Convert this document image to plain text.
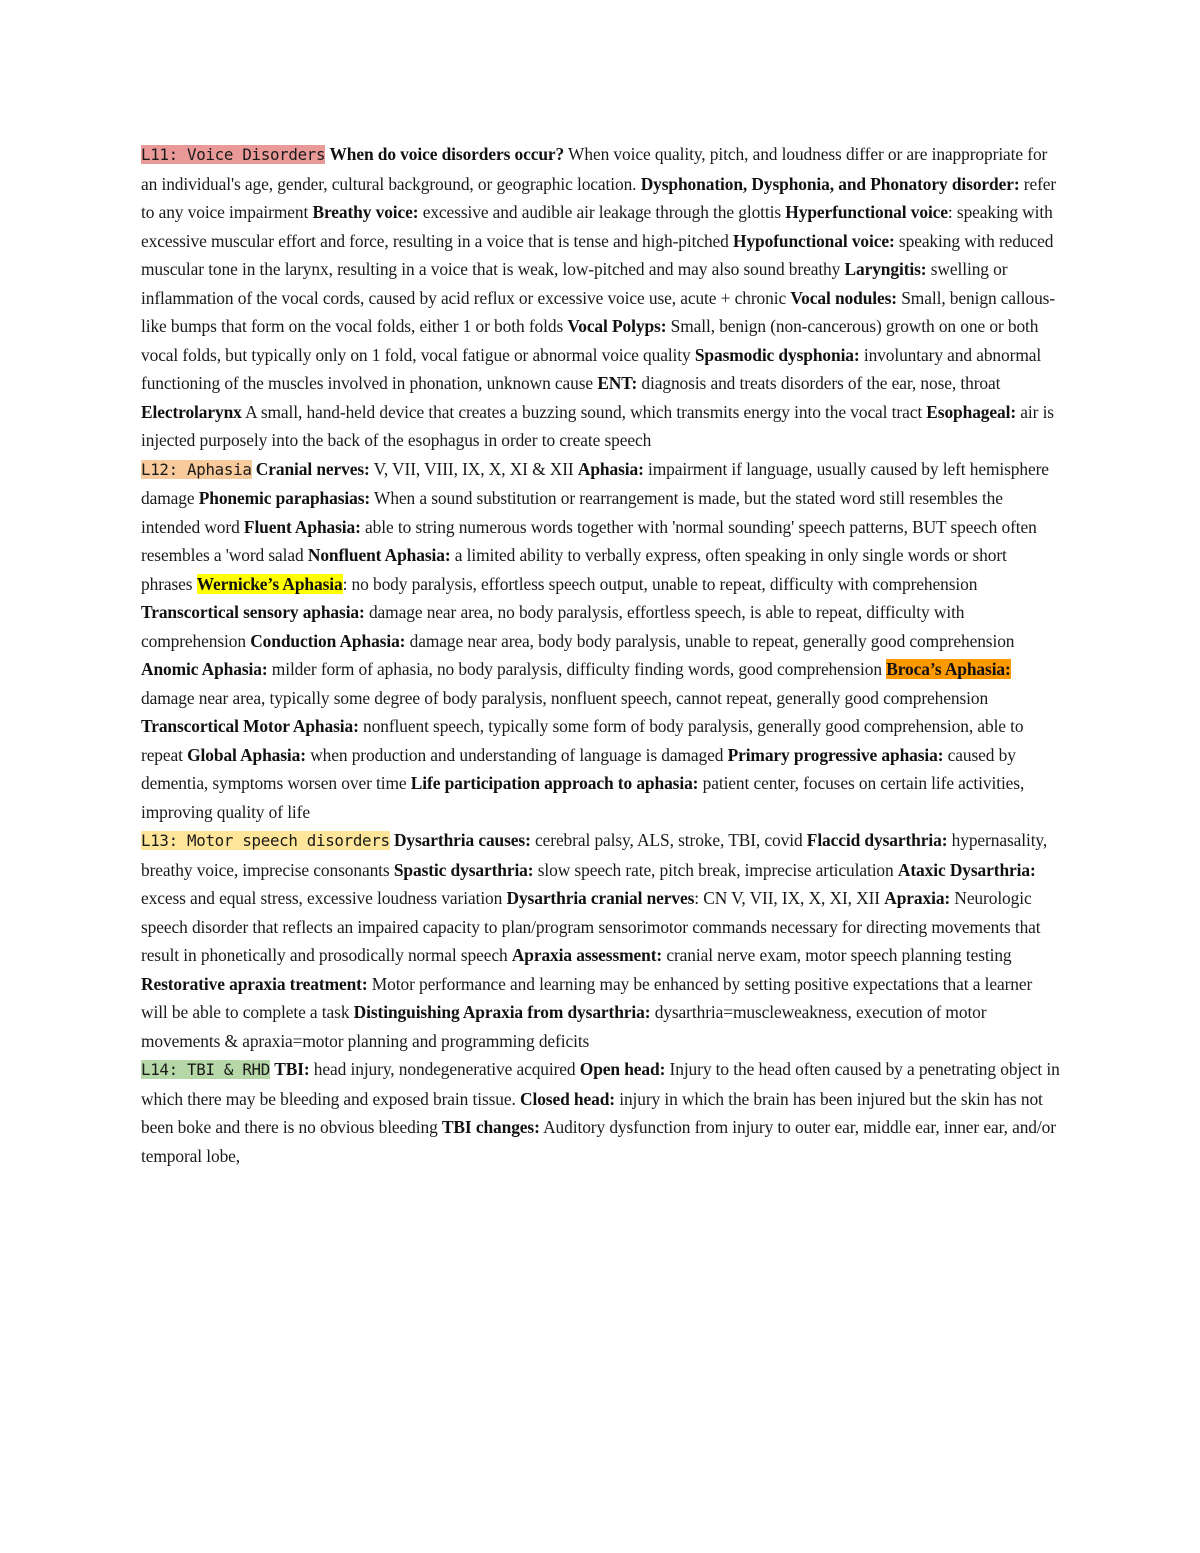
L11: Voice Disorders When do voice disorders occur? When voice quality, pitch, and loudness differ or are inappropriate for an individual's age, gender, cultural background, or geographic location. Dysphonation, Dysphonia, and Phonatory disorder: refer to any voice impairment Breathy voice: excessive and audible air leakage through the glottis Hyperfunctional voice: speaking with excessive muscular effort and force, resulting in a voice that is tense and high-pitched Hypofunctional voice: speaking with reduced muscular tone in the larynx, resulting in a voice that is weak, low-pitched and may also sound breathy Laryngitis: swelling or inflammation of the vocal cords, caused by acid reflux or excessive voice use, acute + chronic Vocal nodules: Small, benign callous-like bumps that form on the vocal folds, either 1 or both folds Vocal Polyps: Small, benign (non-cancerous) growth on one or both vocal folds, but typically only on 1 fold, vocal fatigue or abnormal voice quality Spasmodic dysphonia: involuntary and abnormal functioning of the muscles involved in phonation, unknown cause ENT: diagnosis and treats disorders of the ear, nose, throat Electrolarynx A small, hand-held device that creates a buzzing sound, which transmits energy into the vocal tract Esophageal: air is injected purposely into the back of the esophagus in order to create speech

L12: Aphasia Cranial nerves: V, VII, VIII, IX, X, XI & XII Aphasia: impairment if language, usually caused by left hemisphere damage Phonemic paraphasias: When a sound substitution or rearrangement is made, but the stated word still resembles the intended word Fluent Aphasia: able to string numerous words together with 'normal sounding' speech patterns, BUT speech often resembles a 'word salad Nonfluent Aphasia: a limited ability to verbally express, often speaking in only single words or short phrases Wernicke’s Aphasia: no body paralysis, effortless speech output, unable to repeat, difficulty with comprehension Transcortical sensory aphasia: damage near area, no body paralysis, effortless speech, is able to repeat, difficulty with comprehension Conduction Aphasia: damage near area, body body paralysis, unable to repeat, generally good comprehension Anomic Aphasia: milder form of aphasia, no body paralysis, difficulty finding words, good comprehension Broca’s Aphasia: damage near area, typically some degree of body paralysis, nonfluent speech, cannot repeat, generally good comprehension Transcortical Motor Aphasia: nonfluent speech, typically some form of body paralysis, generally good comprehension, able to repeat Global Aphasia: when production and understanding of language is damaged Primary progressive aphasia: caused by dementia, symptoms worsen over time Life participation approach to aphasia: patient center, focuses on certain life activities, improving quality of life

L13: Motor speech disorders Dysarthria causes: cerebral palsy, ALS, stroke, TBI, covid Flaccid dysarthria: hypernasality, breathy voice, imprecise consonants Spastic dysarthria: slow speech rate, pitch break, imprecise articulation Ataxic Dysarthria: excess and equal stress, excessive loudness variation Dysarthria cranial nerves: CN V, VII, IX, X, XI, XII Apraxia: Neurologic speech disorder that reflects an impaired capacity to plan/program sensorimotor commands necessary for directing movements that result in phonetically and prosodically normal speech Apraxia assessment: cranial nerve exam, motor speech planning testing Restorative apraxia treatment: Motor performance and learning may be enhanced by setting positive expectations that a learner will be able to complete a task Distinguishing Apraxia from dysarthria: dysarthria=muscleweakness, execution of motor movements & apraxia=motor planning and programming deficits

L14: TBI & RHD TBI: head injury, nondegenerative acquired Open head: Injury to the head often caused by a penetrating object in which there may be bleeding and exposed brain tissue. Closed head: injury in which the brain has been injured but the skin has not been boke and there is no obvious bleeding TBI changes: Auditory dysfunction from injury to outer ear, middle ear, inner ear, and/or temporal lobe,
